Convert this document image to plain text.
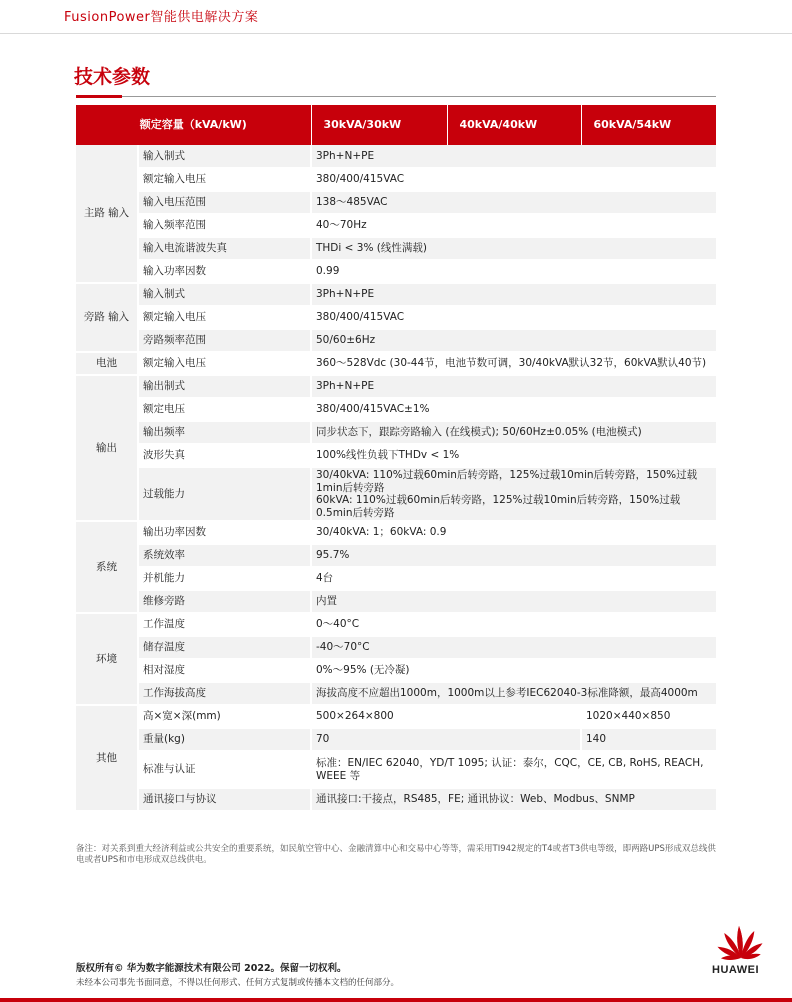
FusionPower智能供电解决方案
技术参数
额定容量（kVA/kW)		30kVA/30kW	40kVA/40kW	60kVA/54kW
主路 输入	输入制式	3Ph+N+PE		
	额定输入电压	380/400/415VAC		
	输入电压范围	138～485VAC		
	输入频率范围	40～70Hz		
	输入电流谐波失真	THDi < 3% (线性满载)		
	输入功率因数	0.99		
旁路 输入	输入制式	3Ph+N+PE		
	额定输入电压	380/400/415VAC		
	旁路频率范围	50/60±6Hz		
电池	额定输入电压	360～528Vdc (30-44节，电池节数可调，30/40kVA默认32节，60kVA默认40节)		
输出	输出制式	3Ph+N+PE		
	额定电压	380/400/415VAC±1%		
	输出频率	同步状态下，跟踪旁路输入 (在线模式); 50/60Hz±0.05% (电池模式)		
	波形失真	100%线性负载下THDv < 1%		
	过载能力	30/40kVA: 110%过载60min后转旁路，125%过载10min后转旁路，150%过载1min后转旁路
60kVA: 110%过载60min后转旁路，125%过载10min后转旁路，150%过载0.5min后转旁路		
系统	输出功率因数	30/40kVA: 1；60kVA: 0.9		
	系统效率	95.7%		
	并机能力	4台		
	维修旁路	内置		
环境	工作温度	0～40°C		
	储存温度	-40～70°C		
	相对湿度	0%～95% (无冷凝)		
	工作海拔高度	海拔高度不应超出1000m，1000m以上参考IEC62040-3标准降额，最高4000m		
其他	高×宽×深(mm)	500×264×800		1020×440×850
	重量(kg)	70		140
	标准与认证	标准：EN/IEC 62040，YD/T 1095; 认证：泰尔，CQC，CE, CB, RoHS, REACH, WEEE 等		
	通讯接口与协议	通讯接口:干接点，RS485，FE; 通讯协议：Web、Modbus、SNMP		
备注：对关系到重大经济利益或公共安全的重要系统，如民航空管中心、金融清算中心和交易中心等等，需采用TI942规定的T4或者T3供电等级，即两路UPS形成双总线供电或者UPS和市电形成双总线供电。
版权所有© 华为数字能源技术有限公司 2022。保留一切权利。
未经本公司事先书面同意，不得以任何形式、任何方式复制或传播本文档的任何部分。
HUAWEI
